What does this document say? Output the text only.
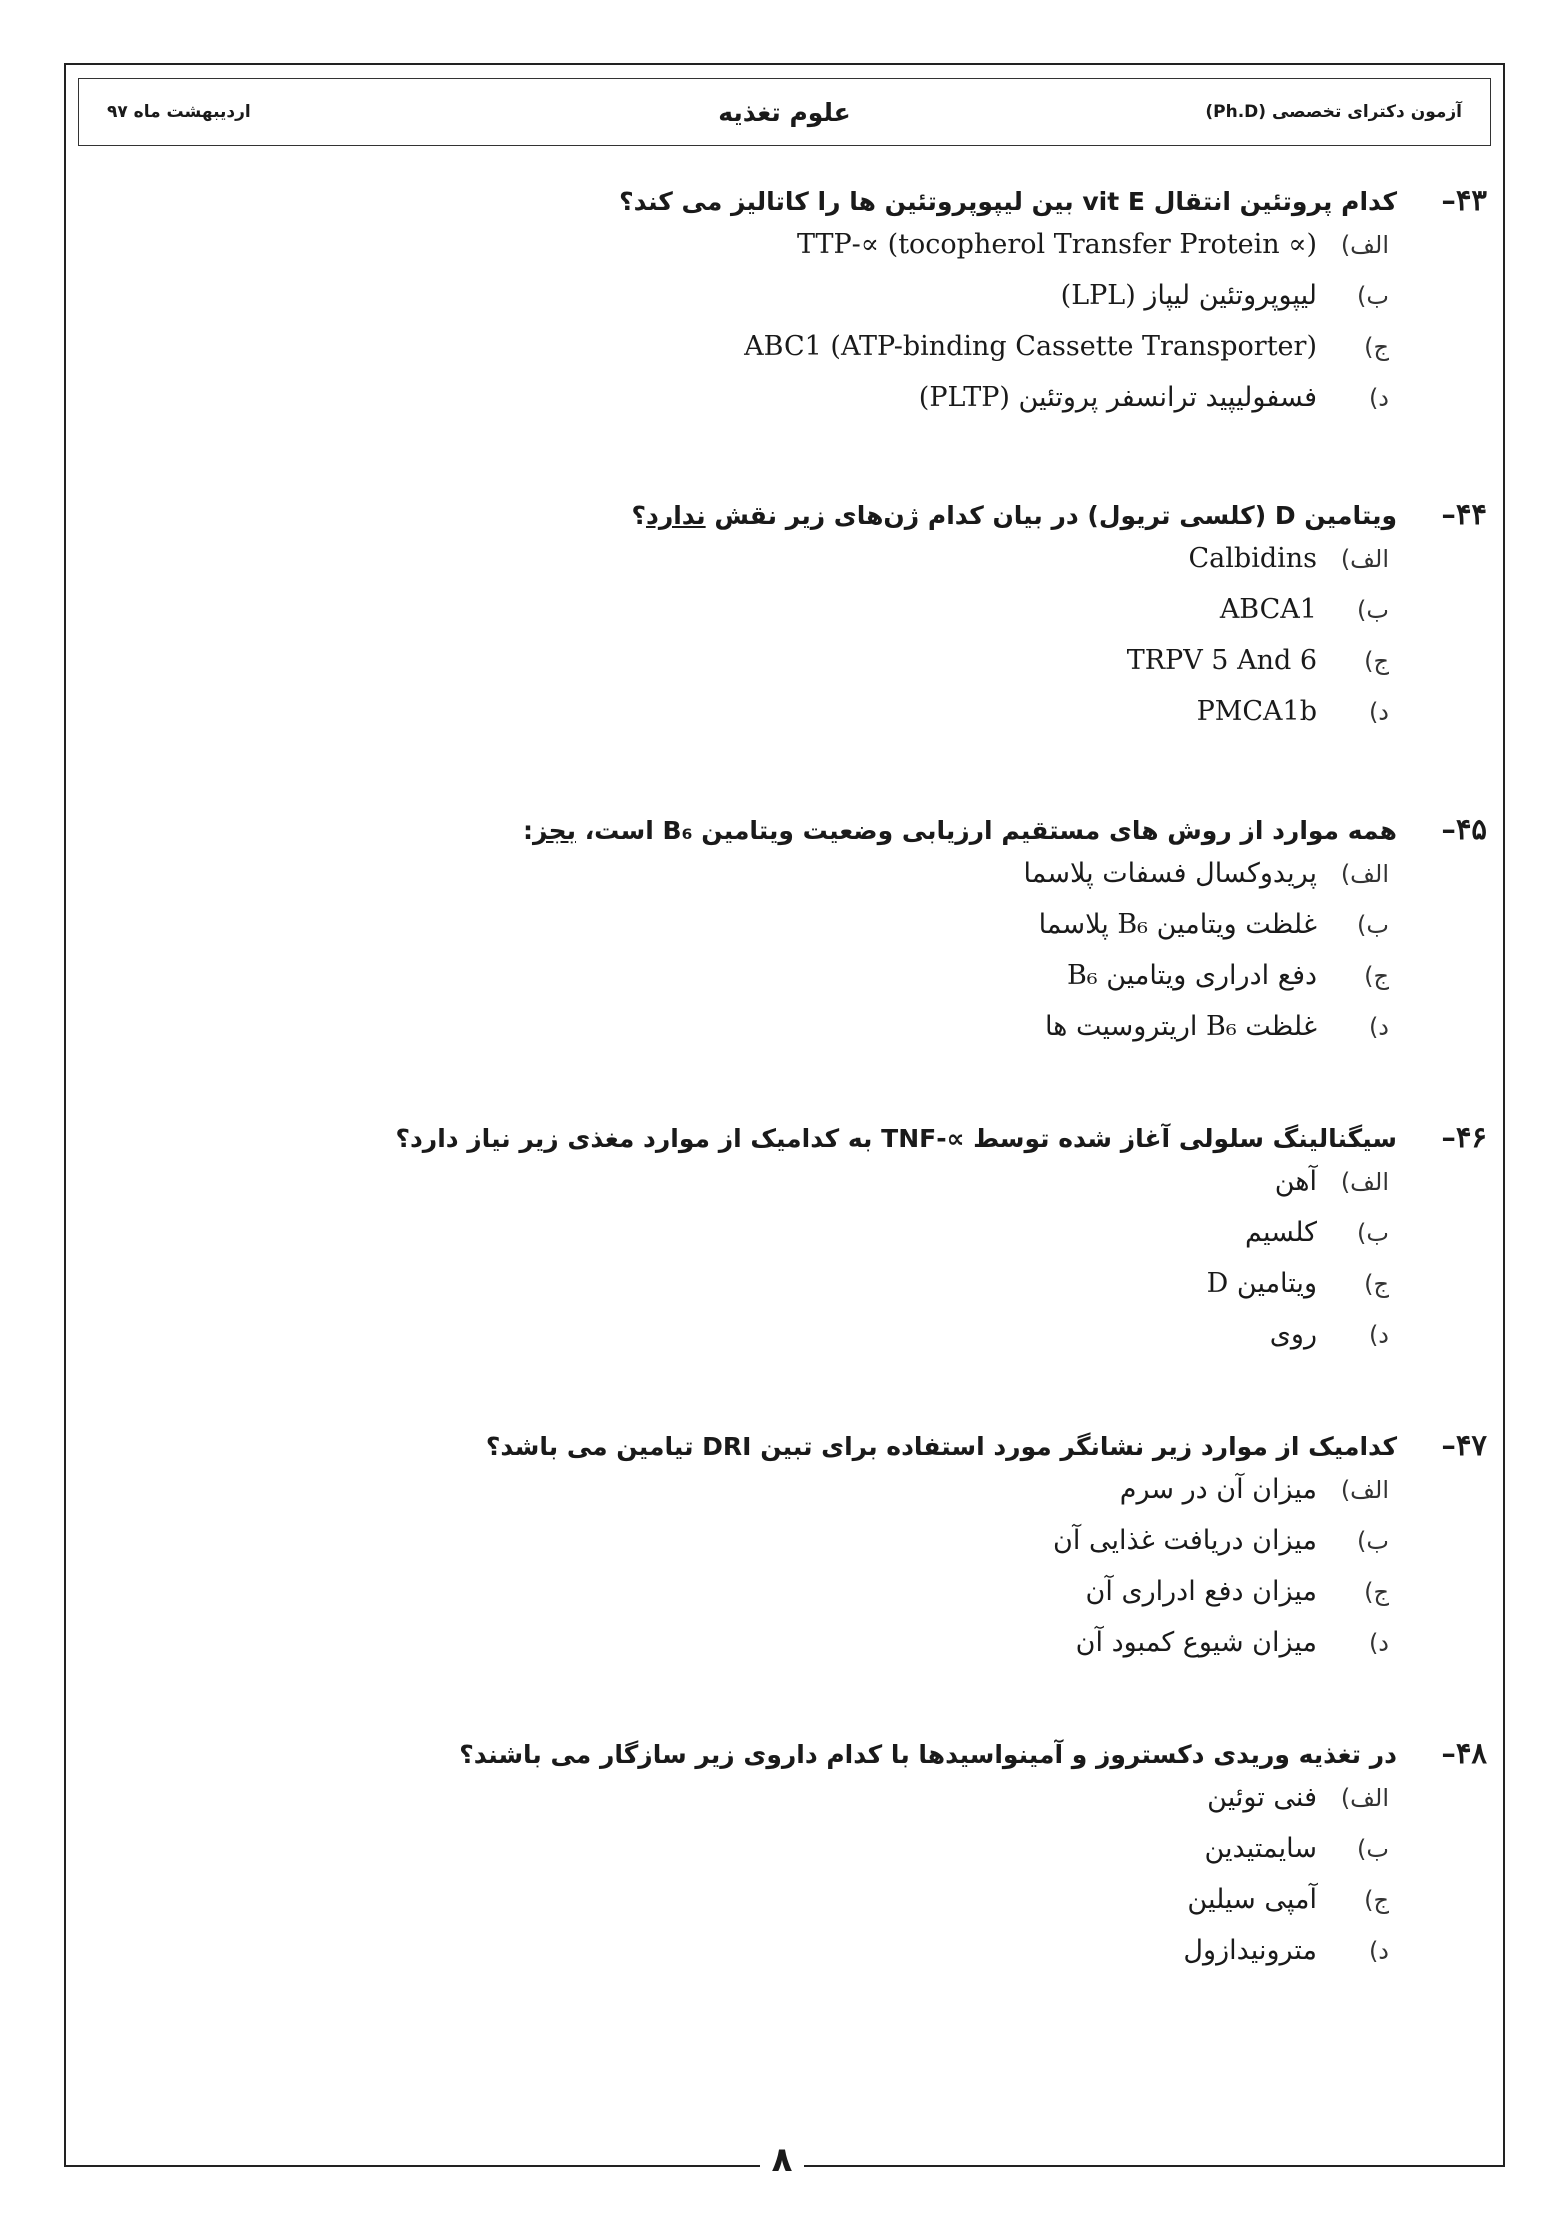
آزمون دکترای تخصصی (Ph.D)
علوم تغذیه
اردیبهشت ماه ۹۷
۴۳–
کدام پروتئین انتقال vit E بین لیپوپروتئین ها را کاتالیز می کند؟
الف)
(∝ tocopherol Transfer Protein) ∝-TTP
ب)
لیپوپروتئین لیپاز (LPL)
ج)
(ATP-binding Cassette Transporter) ABC1
د)
فسفولیپید ترانسفر پروتئین (PLTP)
۴۴–
ویتامین D (کلسی تریول) در بیان کدام ژن‌های زیر نقش ندارد؟
الف)
Calbidins
ب)
ABCA1
ج)
TRPV 5 And 6
د)
PMCA1b
۴۵–
همه موارد از روش های مستقیم ارزیابی وضعیت ویتامین B₆ است، بجز:
الف)
پریدوکسال فسفات پلاسما
ب)
غلظت ویتامین B₆ پلاسما
ج)
دفع ادراری ویتامین B₆
د)
غلظت B₆ اریتروسیت ها
۴۶–
سیگنالینگ سلولی آغاز شده توسط ∝-TNF به کدامیک از موارد مغذی زیر نیاز دارد؟
الف)
آهن
ب)
کلسیم
ج)
ویتامین D
د)
روی
۴۷–
کدامیک از موارد زیر نشانگر مورد استفاده برای تبین DRI تیامین می باشد؟
الف)
میزان آن در سرم
ب)
میزان دریافت غذایی آن
ج)
میزان دفع ادراری آن
د)
میزان شیوع کمبود آن
۴۸–
در تغذیه وریدی دکستروز و آمینواسیدها با کدام داروی زیر سازگار می باشند؟
الف)
فنی توئین
ب)
سایمتیدین
ج)
آمپی سیلین
د)
مترونیدازول
۸
